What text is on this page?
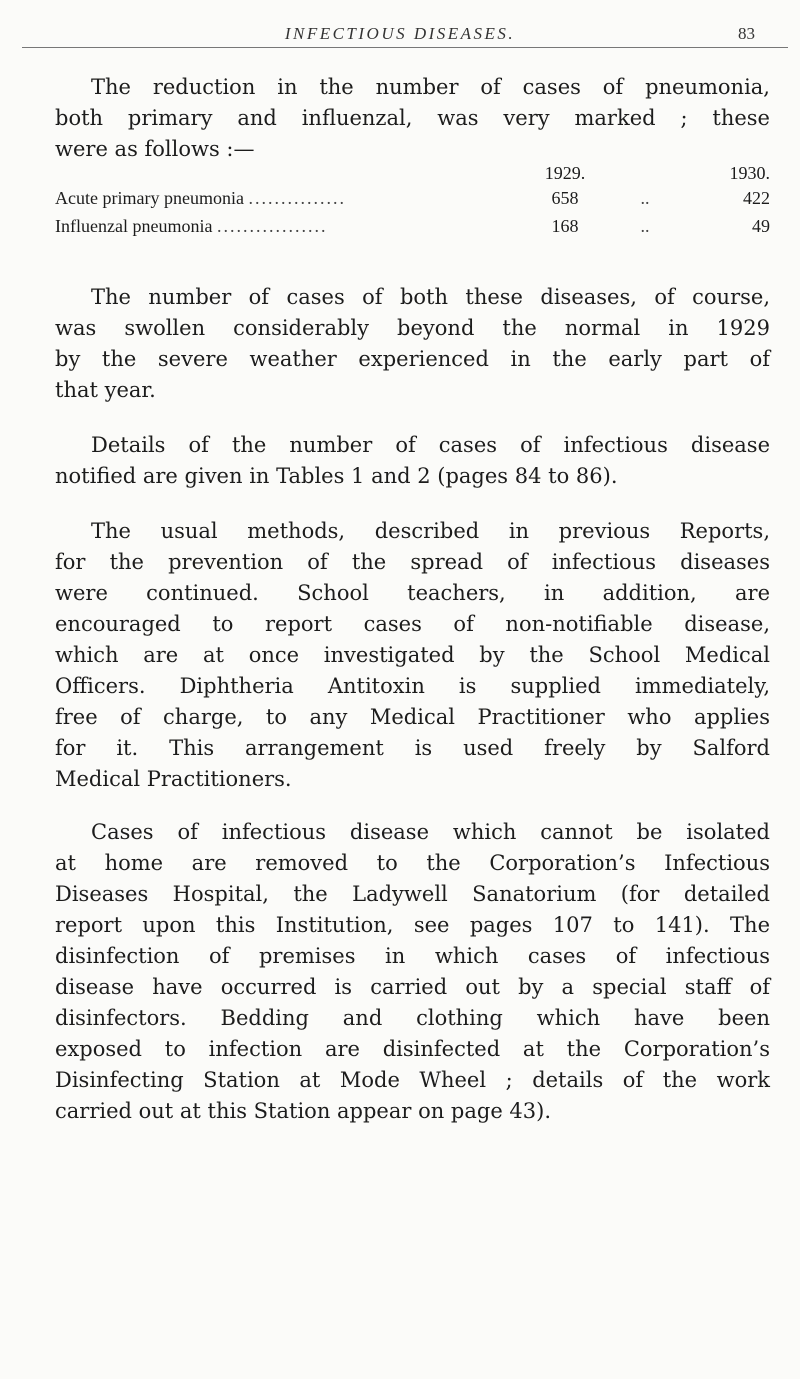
INFECTIOUS DISEASES.	83
The reduction in the number of cases of pneumonia,
both primary and influenzal, was very marked ; these
were as follows :—
1929.	1930.
Acute primary pneumonia ...............	658	..	422
Influenzal pneumonia .................	168	..	49
The number of cases of both these diseases, of course,
was swollen considerably beyond the normal in 1929
by the severe weather experienced in the early part of
that year.
Details of the number of cases of infectious disease
notified are given in Tables 1 and 2 (pages 84 to 86).
The usual methods, described in previous Reports,
for the prevention of the spread of infectious diseases
were continued. School teachers, in addition, are
encouraged to report cases of non-notifiable disease,
which are at once investigated by the School Medical
Officers. Diphtheria Antitoxin is supplied immediately,
free of charge, to any Medical Practitioner who applies
for it. This arrangement is used freely by Salford
Medical Practitioners.
Cases of infectious disease which cannot be isolated
at home are removed to the Corporation’s Infectious
Diseases Hospital, the Ladywell Sanatorium (for detailed
report upon this Institution, see pages 107 to 141). The
disinfection of premises in which cases of infectious
disease have occurred is carried out by a special staff of
disinfectors. Bedding and clothing which have been
exposed to infection are disinfected at the Corporation’s
Disinfecting Station at Mode Wheel ; details of the work
carried out at this Station appear on page 43).
